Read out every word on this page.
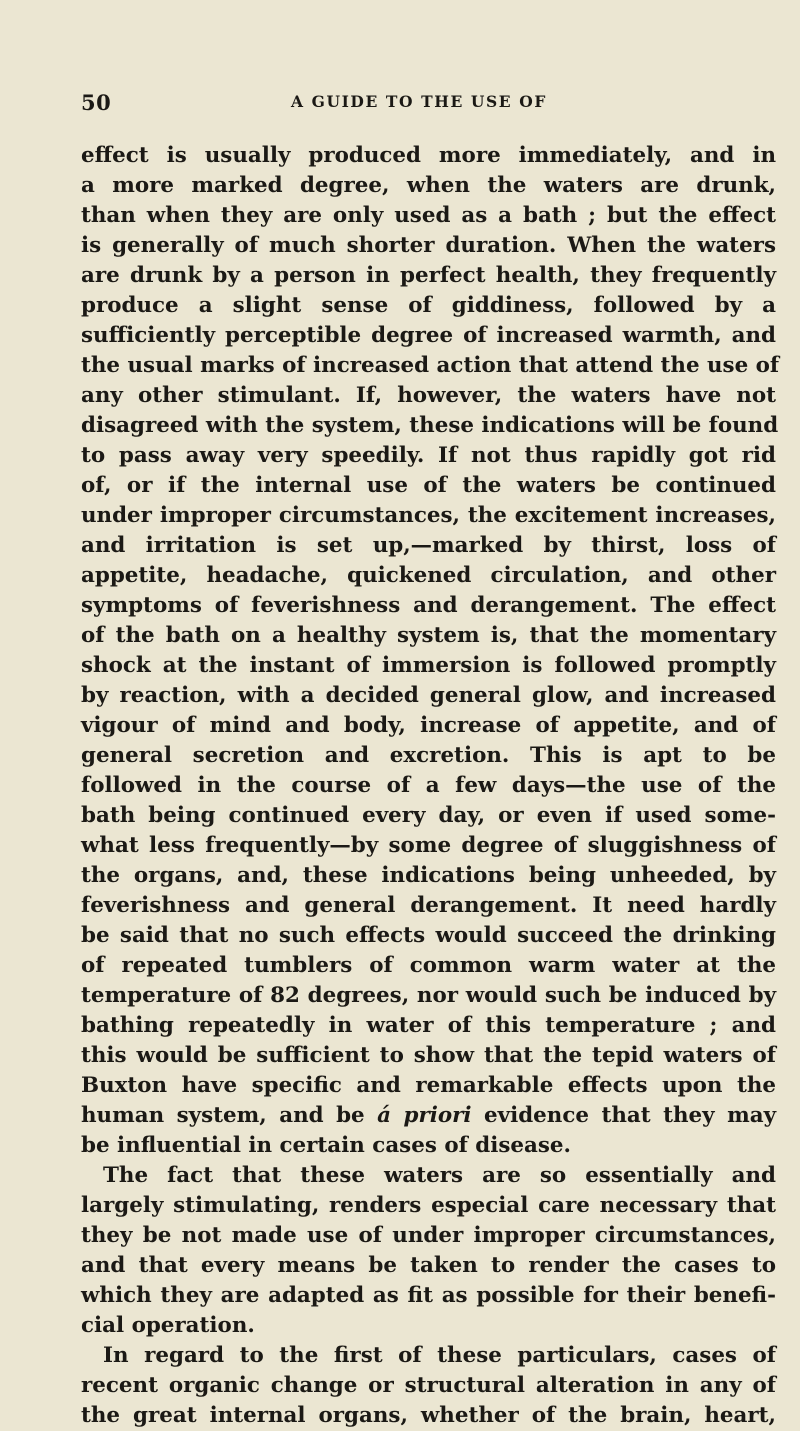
50	A GUIDE TO THE USE OF
effect is usually produced more immediately, and in
a more marked degree, when the waters are drunk,
than when they are only used as a bath ; but the effect
is generally of much shorter duration. When the waters
are drunk by a person in perfect health, they frequently
produce a slight sense of giddiness, followed by a
sufficiently perceptible degree of increased warmth, and
the usual marks of increased action that attend the use of
any other stimulant. If, however, the waters have not
disagreed with the system, these indications will be found
to pass away very speedily. If not thus rapidly got rid
of, or if the internal use of the waters be continued
under improper circumstances, the excitement increases,
and irritation is set up,—marked by thirst, loss of
appetite, headache, quickened circulation, and other
symptoms of feverishness and derangement. The effect
of the bath on a healthy system is, that the momentary
shock at the instant of immersion is followed promptly
by reaction, with a decided general glow, and increased
vigour of mind and body, increase of appetite, and of
general secretion and excretion. This is apt to be
followed in the course of a few days—the use of the
bath being continued every day, or even if used some-
what less frequently—by some degree of sluggishness of
the organs, and, these indications being unheeded, by
feverishness and general derangement. It need hardly
be said that no such effects would succeed the drinking
of repeated tumblers of common warm water at the
temperature of 82 degrees, nor would such be induced by
bathing repeatedly in water of this temperature ; and
this would be sufficient to show that the tepid waters of
Buxton have specific and remarkable effects upon the
human system, and be á priori evidence that they may
be influential in certain cases of disease.
The fact that these waters are so essentially and
largely stimulating, renders especial care necessary that
they be not made use of under improper circumstances,
and that every means be taken to render the cases to
which they are adapted as fit as possible for their benefi-
cial operation.
In regard to the first of these particulars, cases of
recent organic change or structural alteration in any of
the great internal organs, whether of the brain, heart,
